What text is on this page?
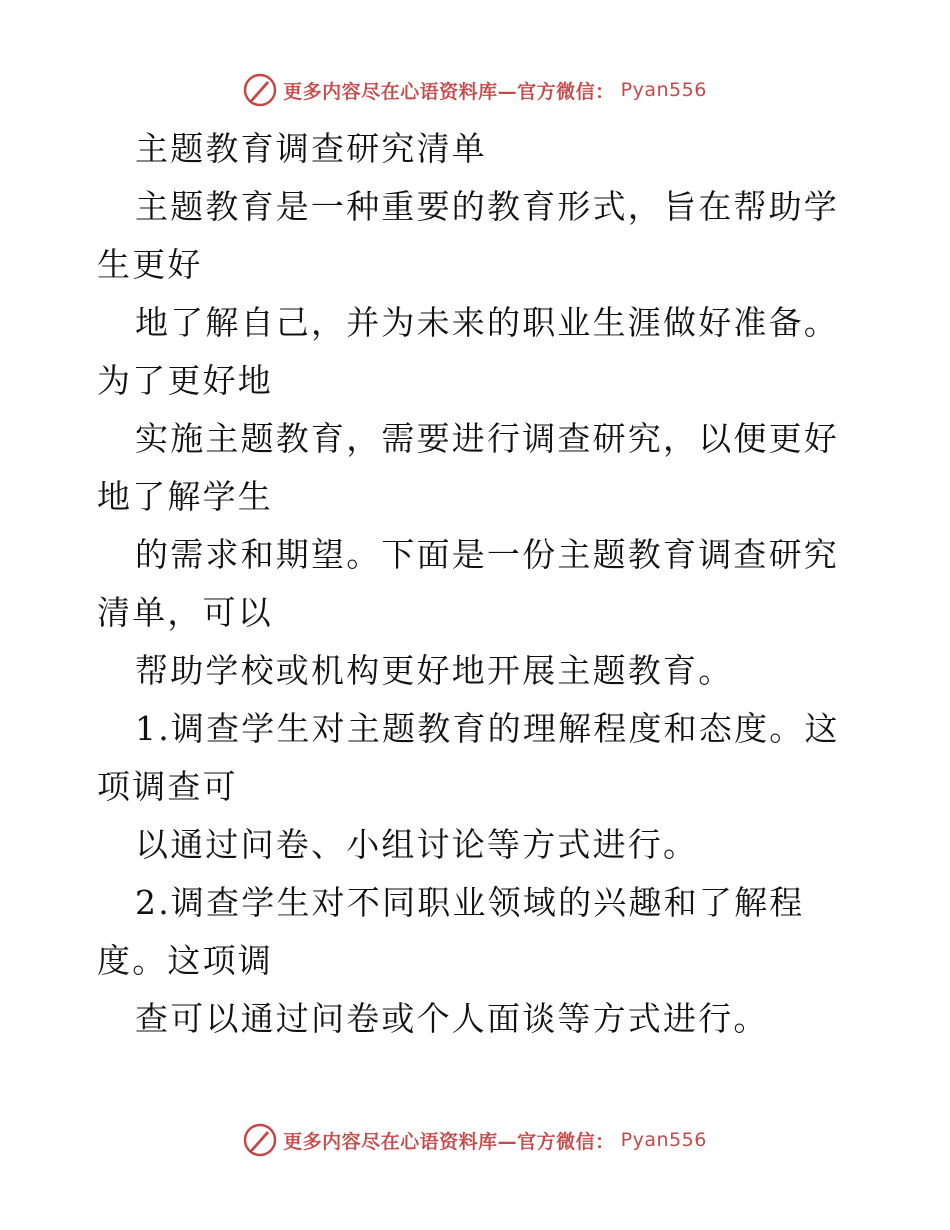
更多内容尽在心语资料库—官方微信： Pyan556

主题教育调查研究清单

主题教育是一种重要的教育形式，旨在帮助学生更好

地了解自己，并为未来的职业生涯做好准备。为了更好地

实施主题教育，需要进行调查研究，以便更好地了解学生

的需求和期望。下面是一份主题教育调查研究清单，可以

帮助学校或机构更好地开展主题教育。

1.调查学生对主题教育的理解程度和态度。这项调查可

以通过问卷、小组讨论等方式进行。

2.调查学生对不同职业领域的兴趣和了解程度。这项调

查可以通过问卷或个人面谈等方式进行。

更多内容尽在心语资料库—官方微信： Pyan556
